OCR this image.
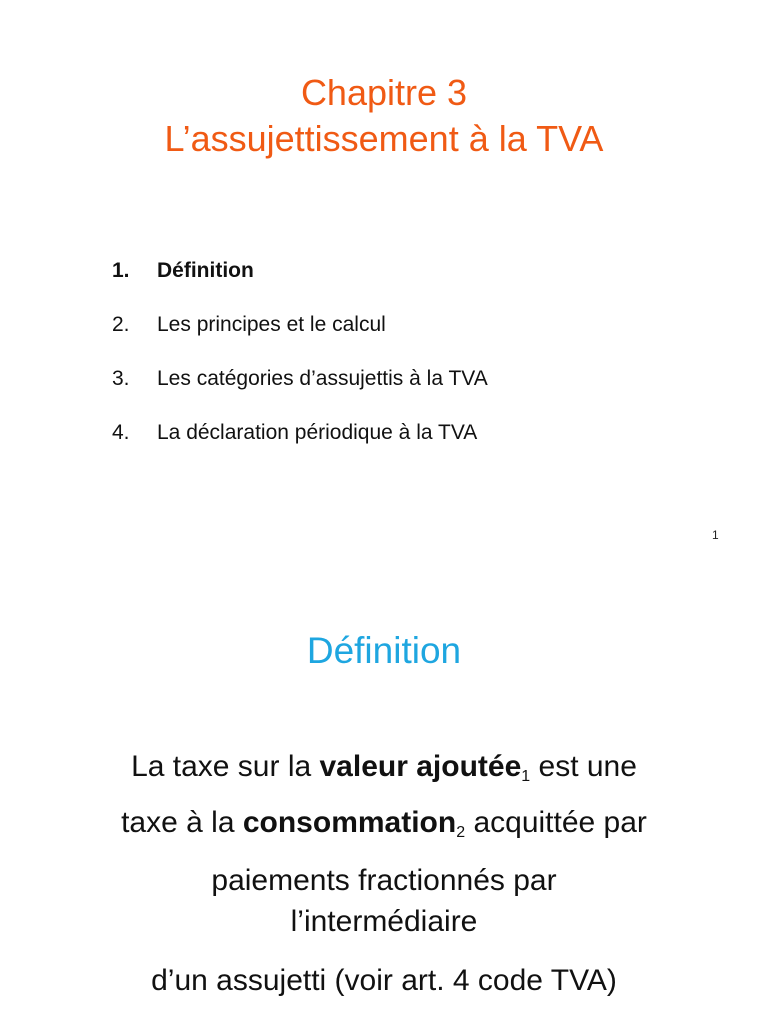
Chapitre 3
L’assujettissement à la TVA
1.	Définition
2.	Les principes et le calcul
3.	Les catégories d’assujettis à la TVA
4.	La déclaration périodique à la TVA
1
Définition
La taxe sur la valeur ajoutée$_1$ est une
taxe à la consommation$_2$ acquittée par
paiements fractionnés par
l’intermédiaire
d’un assujetti (voir art. 4 code TVA)
